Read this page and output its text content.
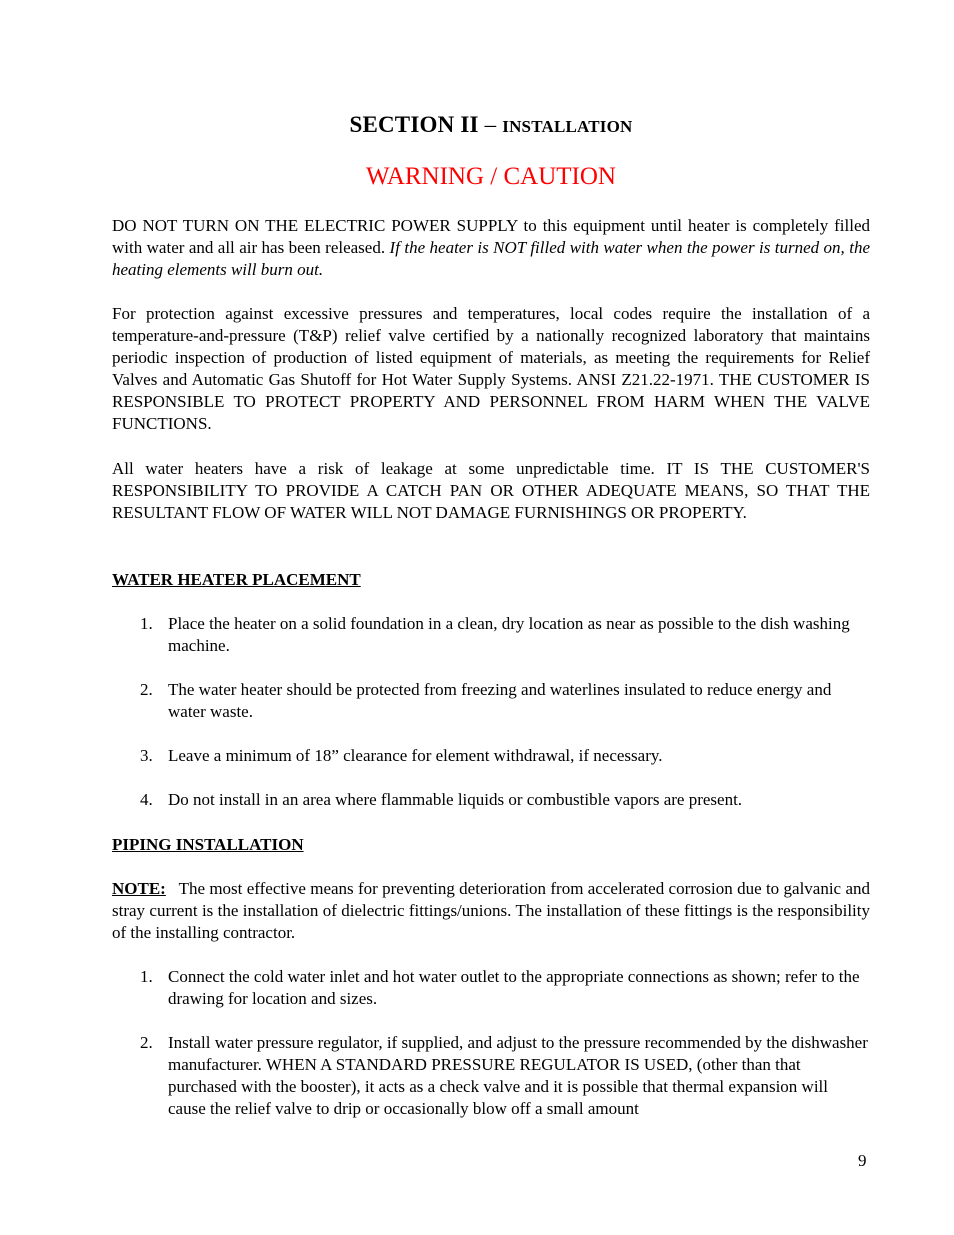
SECTION II – INSTALLATION
WARNING / CAUTION

DO NOT TURN ON THE ELECTRIC POWER SUPPLY to this equipment until heater is completely filled with water and all air has been released. If the heater is NOT filled with water when the power is turned on, the heating elements will burn out.

For protection against excessive pressures and temperatures, local codes require the installation of a temperature-and-pressure (T&P) relief valve certified by a nationally recognized laboratory that maintains periodic inspection of production of listed equipment of materials, as meeting the requirements for Relief Valves and Automatic Gas Shutoff for Hot Water Supply Systems. ANSI Z21.22-1971. THE CUSTOMER IS RESPONSIBLE TO PROTECT PROPERTY AND PERSONNEL FROM HARM WHEN THE VALVE FUNCTIONS.

All water heaters have a risk of leakage at some unpredictable time. IT IS THE CUSTOMER'S RESPONSIBILITY TO PROVIDE A CATCH PAN OR OTHER ADEQUATE MEANS, SO THAT THE RESULTANT FLOW OF WATER WILL NOT DAMAGE FURNISHINGS OR PROPERTY.

WATER HEATER PLACEMENT
1. Place the heater on a solid foundation in a clean, dry location as near as possible to the dish washing machine.
2. The water heater should be protected from freezing and waterlines insulated to reduce energy and water waste.
3. Leave a minimum of 18” clearance for element withdrawal, if necessary.
4. Do not install in an area where flammable liquids or combustible vapors are present.
PIPING INSTALLATION

NOTE: The most effective means for preventing deterioration from accelerated corrosion due to galvanic and stray current is the installation of dielectric fittings/unions. The installation of these fittings is the responsibility of the installing contractor.

1. Connect the cold water inlet and hot water outlet to the appropriate connections as shown; refer to the drawing for location and sizes.
2. Install water pressure regulator, if supplied, and adjust to the pressure recommended by the dishwasher manufacturer. WHEN A STANDARD PRESSURE REGULATOR IS USED, (other than that purchased with the booster), it acts as a check valve and it is possible that thermal expansion will cause the relief valve to drip or occasionally blow off a small amount
9
